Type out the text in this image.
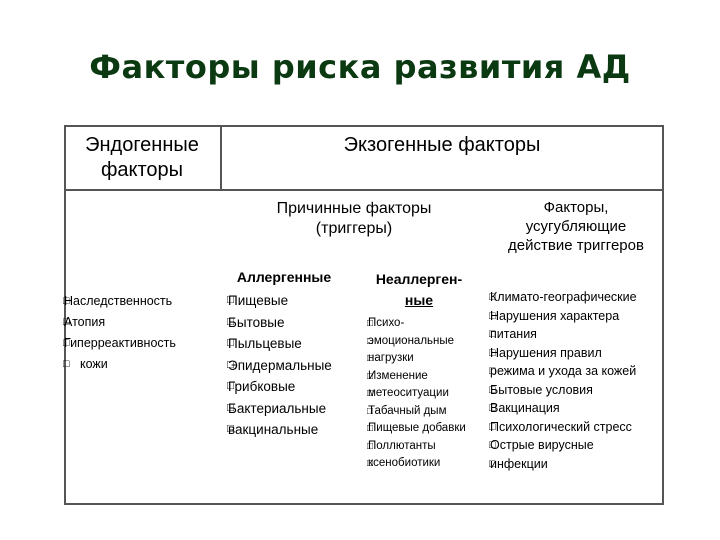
Факторы риска развития АД
Эндогенные
факторы
Экзогенные факторы
Причинные факторы
(триггеры)
Факторы,
усугубляющие
действие триггеров
□ Наследственность
□ Атопия
□ Гиперреактивность
□ кожи
Аллергенные
□ Пищевые
□ Бытовые
□ Пыльцевые
□ Эпидермальные
□ Грибковые
□ Бактериальные
□ вакцинальные
Неаллерген-
ные
□ Психо-
□ эмоциональные
□ нагрузки
□ Изменение
□ метеоситуации
□ Табачный дым
□ Пищевые добавки
□ Поллютанты
□ ксенобиотики
□ Климато-географические
□ Нарушения характера
□ питания
□ Нарушения правил
□ режима и ухода за кожей
□ Бытовые условия
□ Вакцинация
□ Психологический стресс
□ Острые вирусные
□ инфекции
